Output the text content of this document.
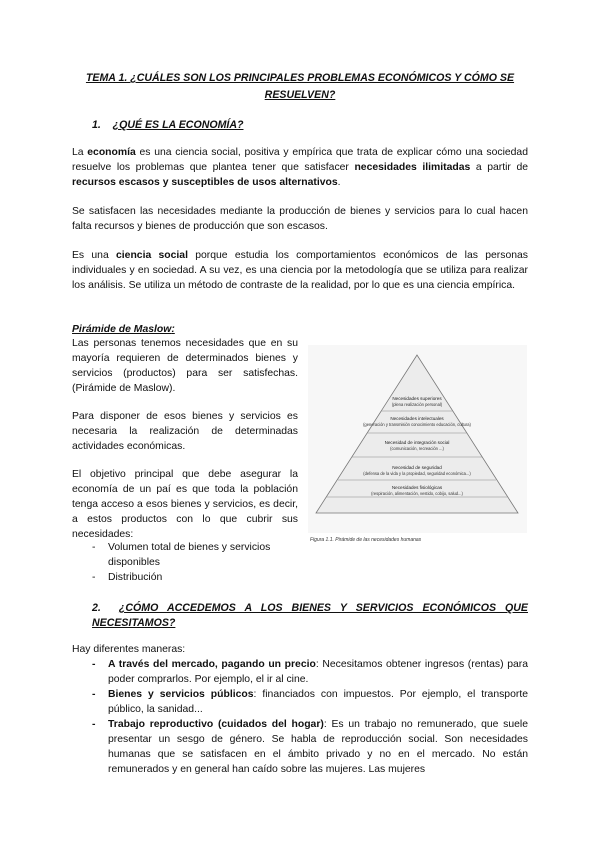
TEMA 1. ¿CUÁLES SON LOS PRINCIPALES PROBLEMAS ECONÓMICOS Y CÓMO SE RESUELVEN?
1. ¿QUÉ ES LA ECONOMÍA?
La economía es una ciencia social, positiva y empírica que trata de explicar cómo una sociedad resuelve los problemas que plantea tener que satisfacer necesidades ilimitadas a partir de recursos escasos y susceptibles de usos alternativos.
Se satisfacen las necesidades mediante la producción de bienes y servicios para lo cual hacen falta recursos y bienes de producción que son escasos.
Es una ciencia social porque estudia los comportamientos económicos de las personas individuales y en sociedad. A su vez, es una ciencia por la metodología que se utiliza para realizar los análisis. Se utiliza un método de contraste de la realidad, por lo que es una ciencia empírica.
Pirámide de Maslow:
Las personas tenemos necesidades que en su mayoría requieren de determinados bienes y servicios (productos) para ser satisfechas. (Pirámide de Maslow).
Para disponer de esos bienes y servicios es necesaria la realización de determinadas actividades económicas.
El objetivo principal que debe asegurar la economía de un paí es que toda la población tenga acceso a esos bienes y servicios, es decir, a estos productos con lo que cubrir sus necesidades:
- Volumen total de bienes y servicios disponibles
- Distribución
Necesidades superiores
(plena realización personal)
Necesidades intelectuales
(generación y transmisión conocimiento educación, cultura)
Necesidad de integración social
(comunicación, recreación ...)
Necesidad de seguridad
(defensa de la vida y la propiedad, seguridad económica...)
Necesidades fisiológicas
(respiración, alimentación, vestido, cobijo, salud...)
Figura 1.1. Pirámide de las necesidades humanas
2. ¿CÓMO ACCEDEMOS A LOS BIENES Y SERVICIOS ECONÓMICOS QUE NECESITAMOS?
Hay diferentes maneras:
- A través del mercado, pagando un precio: Necesitamos obtener ingresos (rentas) para poder comprarlos. Por ejemplo, el ir al cine.
- Bienes y servicios públicos: financiados con impuestos. Por ejemplo, el transporte público, la sanidad...
- Trabajo reproductivo (cuidados del hogar): Es un trabajo no remunerado, que suele presentar un sesgo de género. Se habla de reproducción social. Son necesidades humanas que se satisfacen en el ámbito privado y no en el mercado. No están remunerados y en general han caído sobre las mujeres. Las mujeres
